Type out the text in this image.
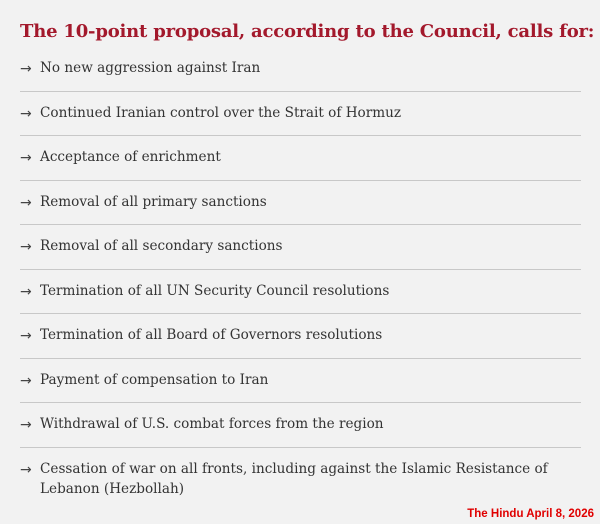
The 10-point proposal, according to the Council, calls for:
→ No new aggression against Iran
→ Continued Iranian control over the Strait of Hormuz
→ Acceptance of enrichment
→ Removal of all primary sanctions
→ Removal of all secondary sanctions
→ Termination of all UN Security Council resolutions
→ Termination of all Board of Governors resolutions
→ Payment of compensation to Iran
→ Withdrawal of U.S. combat forces from the region
→ Cessation of war on all fronts, including against the Islamic Resistance of Lebanon (Hezbollah)
The Hindu April 8, 2026
